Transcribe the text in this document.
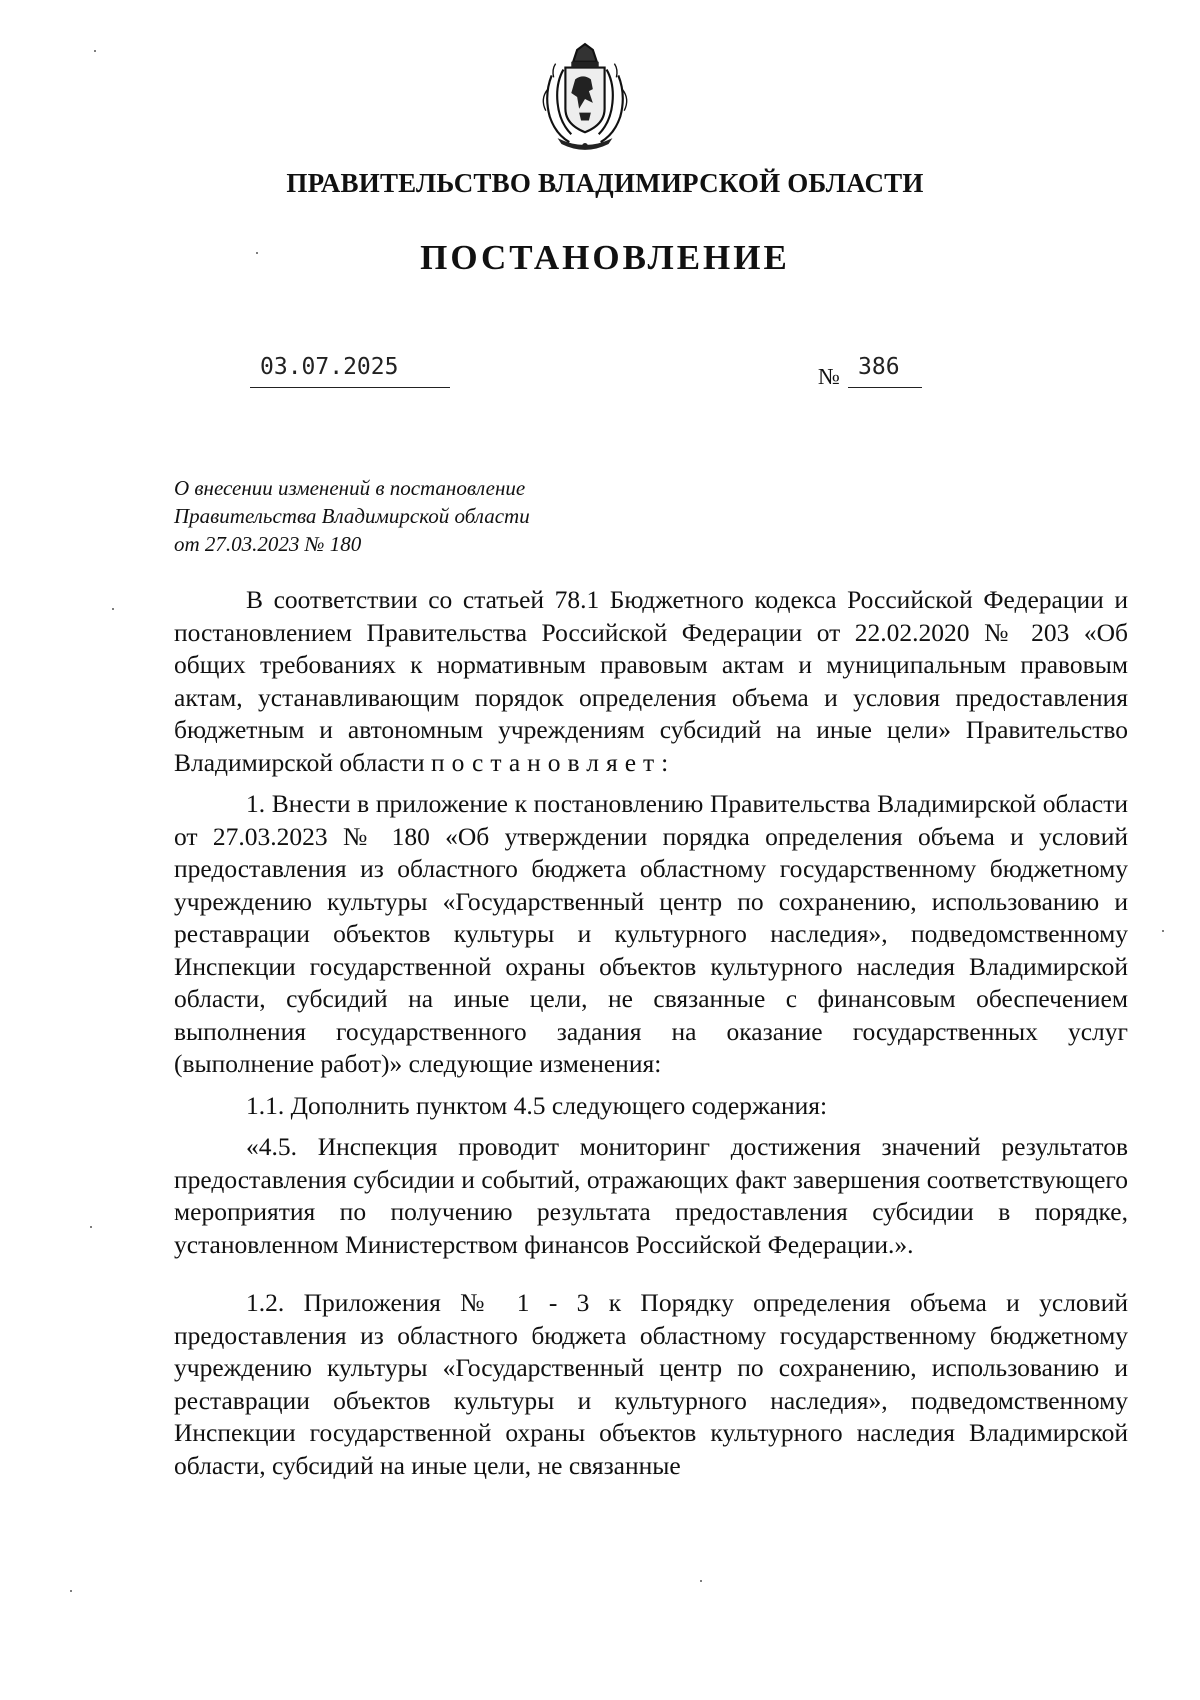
ПРАВИТЕЛЬСТВО ВЛАДИМИРСКОЙ ОБЛАСТИ
ПОСТАНОВЛЕНИЕ
03.07.2025	№ 386
О внесении изменений в постановление
Правительства Владимирской области
от 27.03.2023 № 180

В соответствии со статьей 78.1 Бюджетного кодекса Российской Федерации и постановлением Правительства Российской Федерации от 22.02.2020 № 203 «Об общих требованиях к нормативным правовым актам и муниципальным правовым актам, устанавливающим порядок определения объема и условия предоставления бюджетным и автономным учреждениям субсидий на иные цели» Правительство Владимирской области постановляет:

1. Внести в приложение к постановлению Правительства Владимирской области от 27.03.2023 № 180 «Об утверждении порядка определения объема и условий предоставления из областного бюджета областному государственному бюджетному учреждению культуры «Государственный центр по сохранению, использованию и реставрации объектов культуры и культурного наследия», подведомственному Инспекции государственной охраны объектов культурного наследия Владимирской области, субсидий на иные цели, не связанные с финансовым обеспечением выполнения государственного задания на оказание государственных услуг (выполнение работ)» следующие изменения:

1.1. Дополнить пунктом 4.5 следующего содержания:

«4.5. Инспекция проводит мониторинг достижения значений результатов предоставления субсидии и событий, отражающих факт завершения соответствующего мероприятия по получению результата предоставления субсидии в порядке, установленном Министерством финансов Российской Федерации.».

1.2. Приложения № 1 - 3 к Порядку определения объема и условий предоставления из областного бюджета областному государственному бюджетному учреждению культуры «Государственный центр по сохранению, использованию и реставрации объектов культуры и культурного наследия», подведомственному Инспекции государственной охраны объектов культурного наследия Владимирской области, субсидий на иные цели, не связанные
